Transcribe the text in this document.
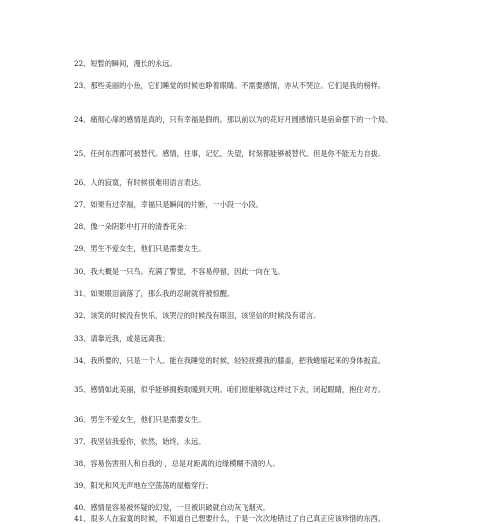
22、短暂的瞬间，漫长的永远。

23、那些美丽的小鱼，它们睡觉的时候也睁着眼睛。不需要感情，亦从不哭泣。它们是我的榜样。

24、痛彻心扉的感情是真的，只有幸福是假的。那以前以为的花好月圆感情只是宿命摆下的一个局。

25、任何东西都可被替代。感情，往事，记忆，失望，时刻都能够被替代。但是你不能无力自拔。

26、人的寂寞，有时候很难用语言表达。

27、如果有过幸福，幸福只是瞬间的片断，一小段一小段。

28、像一朵阴影中打开的清香花朵：

29、男生不爱女生，他们只是需要女生。

30、我大概是一只鸟。充满了警觉，不容易停留，因此一向在飞。

31、如果眼泪滴落了，那么我的忍耐就将被惊醒。

32、该笑的时候没有快乐，该哭泣的时候没有眼泪，该坚信的时候没有诺言。

33、请靠近我，或是远离我；

34、我所要的，只是一个人。能在我睡觉的时候，轻轻抚摸我的膝盖，把我蜷缩起来的身体扳直。

35、感情如此美丽，似乎能够拥抱取暖到天明。咱们原能够就这样过下去，闭起眼睛，抱住对方。

36、男生不爱女生，他们只是需要女生。

37、我坚信我爱你，依然，始终，永远。

38、容易伤害别人和自我的 ，总是对距离的边缘模糊不清的人。

39、阳光和风无声地在空荡荡的屋檐穿行；

40、感情是容易被怀疑的幻觉，一旦被识破就自动灰飞烟灭。

41、很多人在寂寞的时候，不知道自己想要什么，于是一次次地错过了自己真正应该珍惜的东西。
